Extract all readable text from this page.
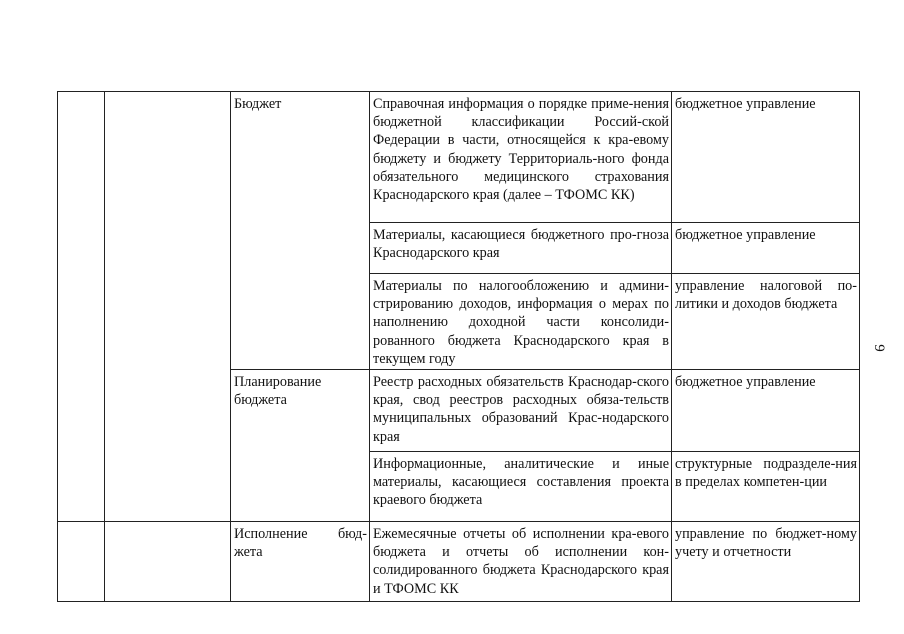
9
		Бюджет	Справочная информация о порядке приме-нения бюджетной классификации Россий-ской Федерации в части, относящейся к кра-евому бюджету и бюджету Территориаль-ного фонда обязательного медицинского страхования Краснодарского края (далее – ТФОМС КК)	бюджетное управление
			Материалы, касающиеся бюджетного про-гноза Краснодарского края	бюджетное управление
			Материалы по налогообложению и админи-стрированию доходов, информация о мерах по наполнению доходной части консолиди-рованного бюджета Краснодарского края в текущем году	управление налоговой по-литики и доходов бюджета
		Планирование бюджета	Реестр расходных обязательств Краснодар-ского края, свод реестров расходных обяза-тельств муниципальных образований Крас-нодарского края	бюджетное управление
			Информационные, аналитические и иные материалы, касающиеся составления проекта краевого бюджета	структурные подразделе-ния в пределах компетен-ции
		Исполнение бюд-жета	Ежемесячные отчеты об исполнении кра-евого бюджета и отчеты об исполнении кон-солидированного бюджета Краснодарского края и ТФОМС КК	управление по бюджет-ному учету и отчетности
